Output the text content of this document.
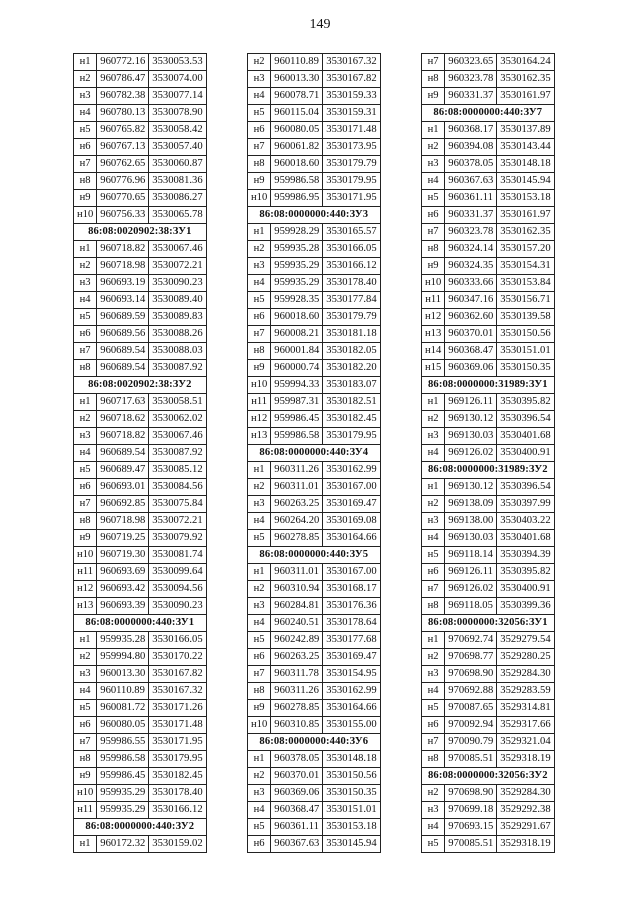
149
н1	960772.16	3530053.53
н2	960786.47	3530074.00
н3	960782.38	3530077.14
н4	960780.13	3530078.90
н5	960765.82	3530058.42
н6	960767.13	3530057.40
н7	960762.65	3530060.87
н8	960776.96	3530081.36
н9	960770.65	3530086.27
н10	960756.33	3530065.78
86:08:0020902:38:ЗУ1		
н1	960718.82	3530067.46
н2	960718.98	3530072.21
н3	960693.19	3530090.23
н4	960693.14	3530089.40
н5	960689.59	3530089.83
н6	960689.56	3530088.26
н7	960689.54	3530088.03
н8	960689.54	3530087.92
86:08:0020902:38:ЗУ2		
н1	960717.63	3530058.51
н2	960718.62	3530062.02
н3	960718.82	3530067.46
н4	960689.54	3530087.92
н5	960689.47	3530085.12
н6	960693.01	3530084.56
н7	960692.85	3530075.84
н8	960718.98	3530072.21
н9	960719.25	3530079.92
н10	960719.30	3530081.74
н11	960693.69	3530099.64
н12	960693.42	3530094.56
н13	960693.39	3530090.23
86:08:0000000:440:ЗУ1		
н1	959935.28	3530166.05
н2	959994.80	3530170.22
н3	960013.30	3530167.82
н4	960110.89	3530167.32
н5	960081.72	3530171.26
н6	960080.05	3530171.48
н7	959986.55	3530171.95
н8	959986.58	3530179.95
н9	959986.45	3530182.45
н10	959935.29	3530178.40
н11	959935.29	3530166.12
86:08:0000000:440:ЗУ2		
н1	960172.32	3530159.02
н2	960110.89	3530167.32
н3	960013.30	3530167.82
н4	960078.71	3530159.33
н5	960115.04	3530159.31
н6	960080.05	3530171.48
н7	960061.82	3530173.95
н8	960018.60	3530179.79
н9	959986.58	3530179.95
н10	959986.95	3530171.95
86:08:0000000:440:ЗУ3		
н1	959928.29	3530165.57
н2	959935.28	3530166.05
н3	959935.29	3530166.12
н4	959935.29	3530178.40
н5	959928.35	3530177.84
н6	960018.60	3530179.79
н7	960008.21	3530181.18
н8	960001.84	3530182.05
н9	960000.74	3530182.20
н10	959994.33	3530183.07
н11	959987.31	3530182.51
н12	959986.45	3530182.45
н13	959986.58	3530179.95
86:08:0000000:440:ЗУ4		
н1	960311.26	3530162.99
н2	960311.01	3530167.00
н3	960263.25	3530169.47
н4	960264.20	3530169.08
н5	960278.85	3530164.66
86:08:0000000:440:ЗУ5		
н1	960311.01	3530167.00
н2	960310.94	3530168.17
н3	960284.81	3530176.36
н4	960240.51	3530178.64
н5	960242.89	3530177.68
н6	960263.25	3530169.47
н7	960311.78	3530154.95
н8	960311.26	3530162.99
н9	960278.85	3530164.66
н10	960310.85	3530155.00
86:08:0000000:440:ЗУ6		
н1	960378.05	3530148.18
н2	960370.01	3530150.56
н3	960369.06	3530150.35
н4	960368.47	3530151.01
н5	960361.11	3530153.18
н6	960367.63	3530145.94
н7	960323.65	3530164.24
н8	960323.78	3530162.35
н9	960331.37	3530161.97
86:08:0000000:440:ЗУ7		
н1	960368.17	3530137.89
н2	960394.08	3530143.44
н3	960378.05	3530148.18
н4	960367.63	3530145.94
н5	960361.11	3530153.18
н6	960331.37	3530161.97
н7	960323.78	3530162.35
н8	960324.14	3530157.20
н9	960324.35	3530154.31
н10	960333.66	3530153.84
н11	960347.16	3530156.71
н12	960362.60	3530139.58
н13	960370.01	3530150.56
н14	960368.47	3530151.01
н15	960369.06	3530150.35
86:08:0000000:31989:ЗУ1		
н1	969126.11	3530395.82
н2	969130.12	3530396.54
н3	969130.03	3530401.68
н4	969126.02	3530400.91
86:08:0000000:31989:ЗУ2		
н1	969130.12	3530396.54
н2	969138.09	3530397.99
н3	969138.00	3530403.22
н4	969130.03	3530401.68
н5	969118.14	3530394.39
н6	969126.11	3530395.82
н7	969126.02	3530400.91
н8	969118.05	3530399.36
86:08:0000000:32056:ЗУ1		
н1	970692.74	3529279.54
н2	970698.77	3529280.25
н3	970698.90	3529284.30
н4	970692.88	3529283.59
н5	970087.65	3529314.81
н6	970092.94	3529317.66
н7	970090.79	3529321.04
н8	970085.51	3529318.19
86:08:0000000:32056:ЗУ2		
н2	970698.90	3529284.30
н3	970699.18	3529292.38
н4	970693.15	3529291.67
н5	970085.51	3529318.19
